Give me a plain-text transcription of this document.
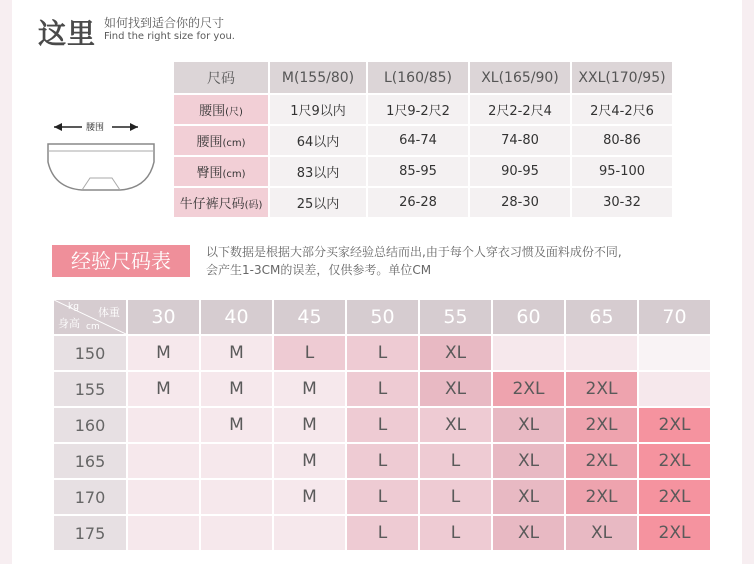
这里 如何找到适合你的尺寸
Find the right size for you.
腰围
尺码	M(155/80)	L(160/85)	XL(165/90)	XXL(170/95)
腰围(尺)	1尺9以内	1尺9-2尺2	2尺2-2尺4	2尺4-2尺6
腰围(cm)	64以内	64-74	74-80	80-86
臀围(cm)	83以内	85-95	90-95	95-100
牛仔裤尺码(码)	25以内	26-28	28-30	30-32
经验尺码表	以下数据是根据大部分买家经验总结而出,由于每个人穿衣习惯及面料成份不同,
会产生1-3CM的误差，仅供参考。单位CM
kg 体重
身高 cm	30	40	45	50	55	60	65	70
150	M	M	L	L	XL			
155	M	M	M	L	XL	2XL	2XL	
160		M	M	L	XL	XL	2XL	2XL
165			M	L	L	XL	2XL	2XL
170			M	L	L	XL	2XL	2XL
175				L	L	XL	XL	2XL
